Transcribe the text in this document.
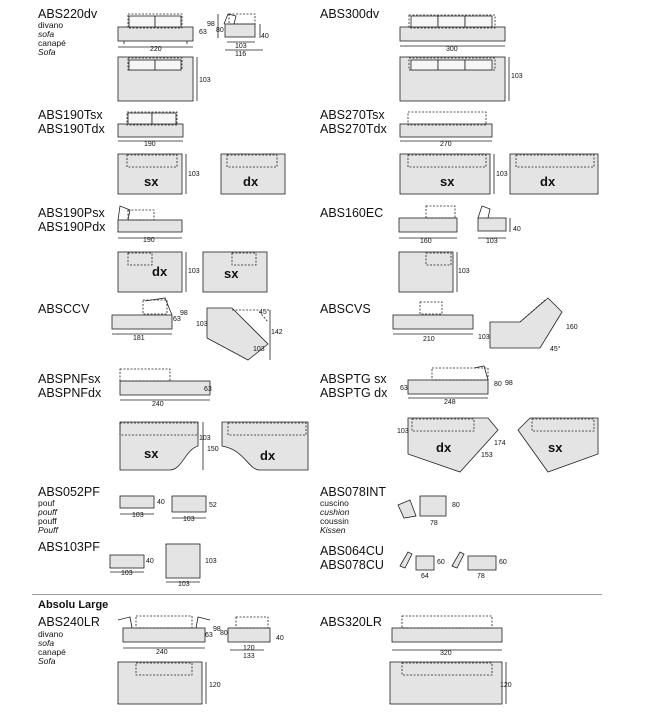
ABS220dv
divano
sofa
canapé
Sofa
ABS300dv
ABS190Tsx
ABS190Tdx
ABS270Tsx
ABS270Tdx
ABS190Psx
ABS190Pdx
ABS160EC
ABSCCV	ABSCVS
ABSPNFsx
ABSPNFdx
ABSPTG sx
ABSPTG dx
ABS052PF
pouf
pouff
pouff
Pouff
ABS078INT
cuscino
cushion
coussin
Kissen
ABS103PF	ABS064CU
ABS078CU
Absolu Large
ABS240LR
divano
sofa
canapé
Sofa
ABS320LR
220
63
98
80
40
103
116
103
300
103
190
103
270
103
sx	dx	sx	dx
190
103
dx	sx
160	103
40
103
181
63
98
103
45°
142
103
210	103
160
45°
240
63
103
150
sx	dx
248
63
80 98
103
174
153
dx	sx
40
103
52
103
80
78
40
103
103
103
60
64
60
78
240
63
98
80
40
120
133
120
320
120
